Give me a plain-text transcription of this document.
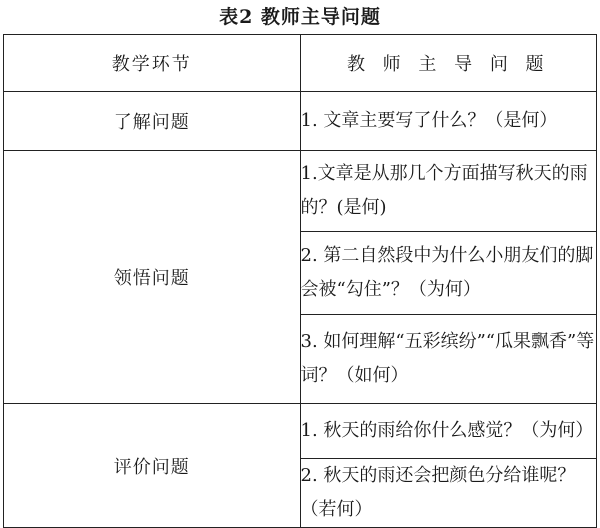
表2 教师主导问题
教学环节	教 师 主 导 问 题
了解问题	1. 文章主要写了什么？（是何）
领悟问题	1.文章是从那几个方面描写秋天的雨的？(是何)
	2. 第二自然段中为什么小朋友们的脚会被“勾住”？（为何）
	3. 如何理解“五彩缤纷”“瓜果飘香”等词？（如何）
评价问题	1. 秋天的雨给你什么感觉？（为何）
	2. 秋天的雨还会把颜色分给谁呢？（若何）
